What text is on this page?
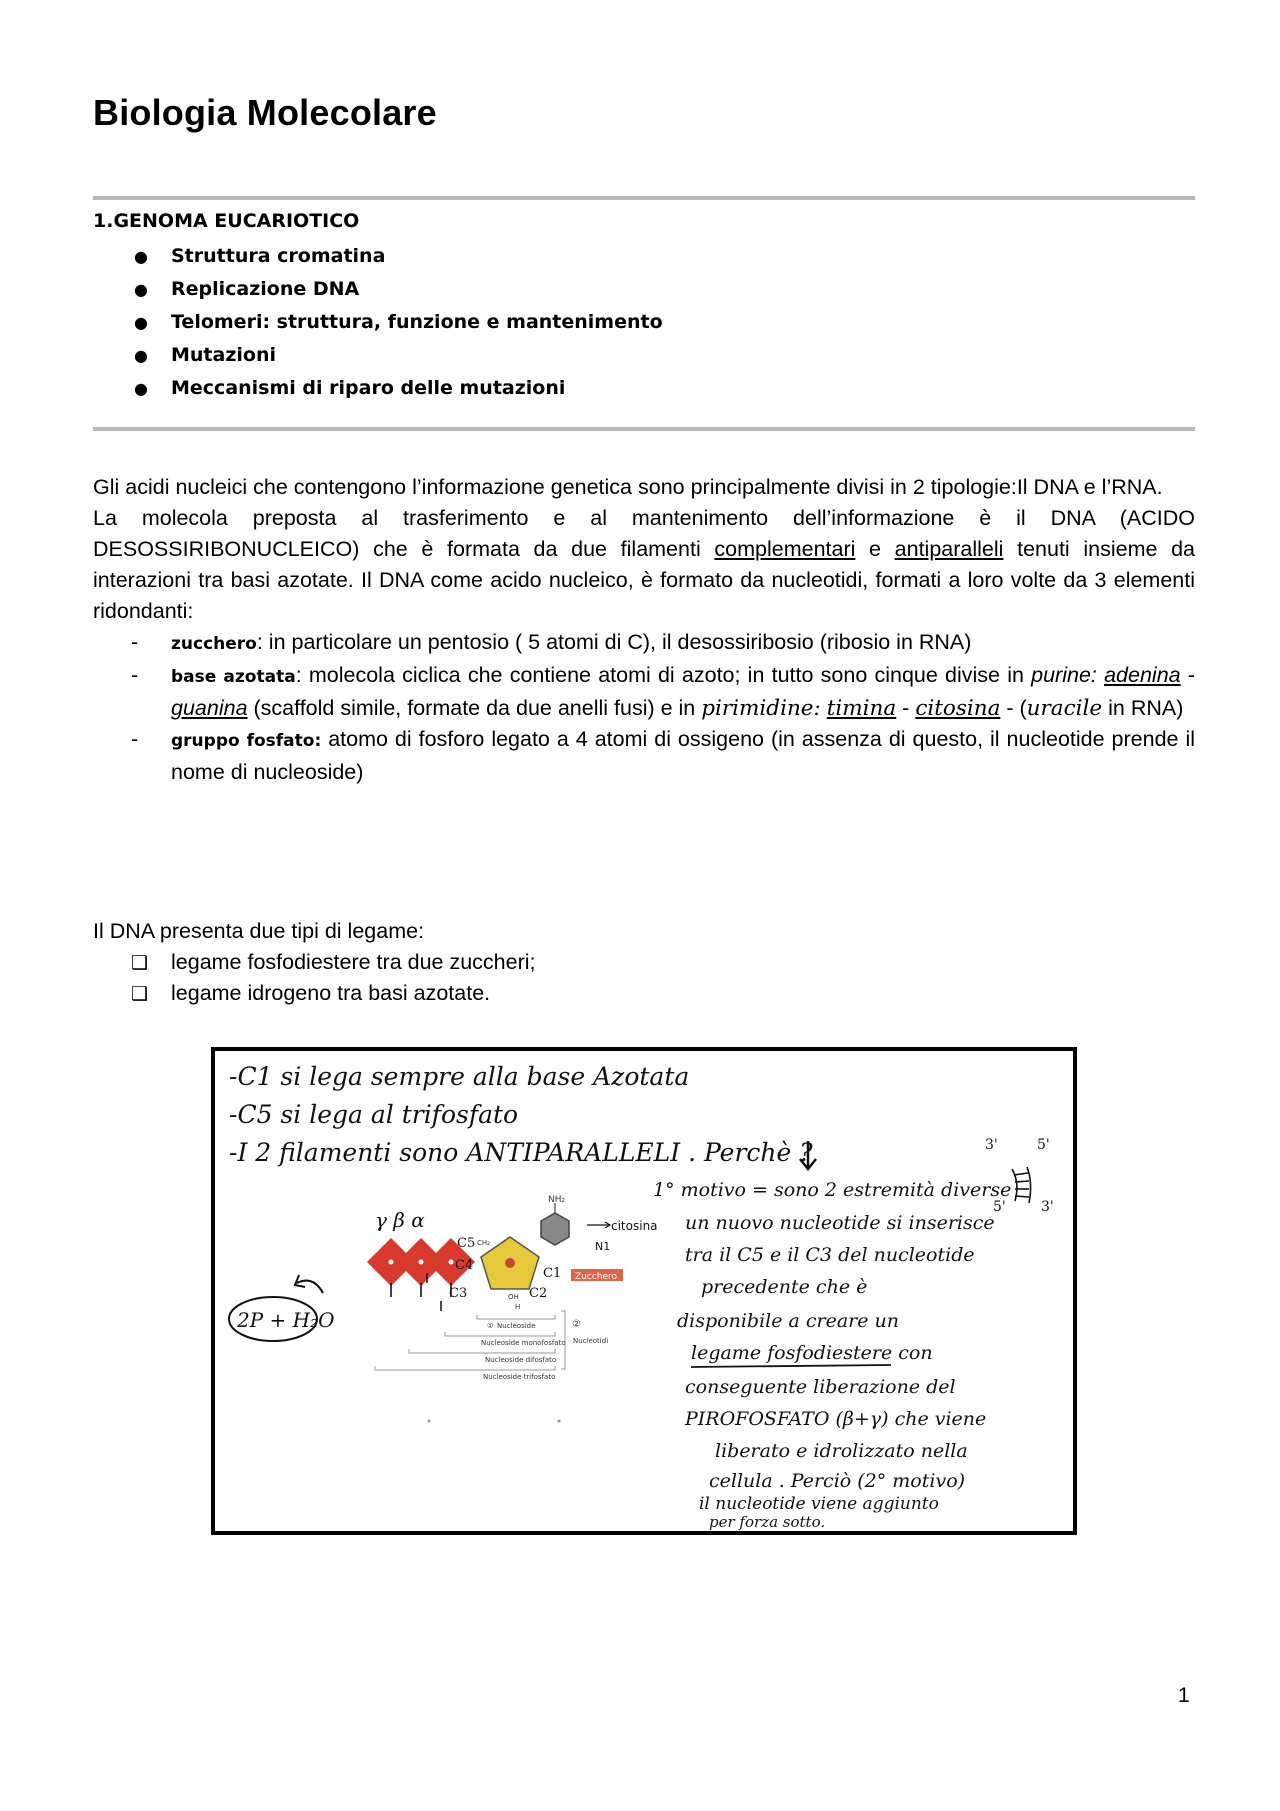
Biologia Molecolare
1.GENOMA EUCARIOTICO
● Struttura cromatina
● Replicazione DNA
● Telomeri: struttura, funzione e mantenimento
● Mutazioni
● Meccanismi di riparo delle mutazioni

Gli acidi nucleici che contengono l’informazione genetica sono principalmente divisi in 2 tipologie:Il DNA e l’RNA.

La molecola preposta al trasferimento e al mantenimento dell’informazione è il DNA (ACIDO DESOSSIRIBONUCLEICO) che è formata da due filamenti complementari e antiparalleli tenuti insieme da interazioni tra basi azotate. Il DNA come acido nucleico, è formato da nucleotidi, formati a loro volte da 3 elementi ridondanti:

- zucchero: in particolare un pentosio ( 5 atomi di C), il desossiribosio (ribosio in RNA)
- base azotata: molecola ciclica che contiene atomi di azoto; in tutto sono cinque divise in purine: adenina - guanina (scaffold simile, formate da due anelli fusi) e in pirimidine: timina - citosina - (uracile in RNA)
- gruppo fosfato: atomo di fosforo legato a 4 atomi di ossigeno (in assenza di questo, il nucleotide prende il nome di nucleoside)

Il DNA presenta due tipi di legame:

❑ legame fosfodiestere tra due zuccheri;
❑ legame idrogeno tra basi azotate.
-C1 si lega sempre alla base Azotata
-C5 si lega al trifosfato
-I 2 filamenti sono ANTIPARALLELI . Perchè ?	3'	5'
5'	3'
1° motivo = sono 2 estremità diverse
un nuovo nucleotide si inserisce
tra il C5 e il C3 del nucleotide
precedente che è
disponibile a creare un
legame fosfodiestere con
conseguente liberazione del
PIROFOSFATO (β+γ) che viene
liberato e idrolizzato nella
cellula . Perciò (2° motivo)
il nucleotide viene aggiunto
per forza sotto.
γ β α
NH₂
citosina
N1
Zucchero
CH₂
OH
H
C5
C4
C3	C2
C1
① Nucleoside
Nucleoside monofosfato
Nucleoside difosfato
Nucleoside trifosfato
②
Nucleotidi
2P + H₂O
1
